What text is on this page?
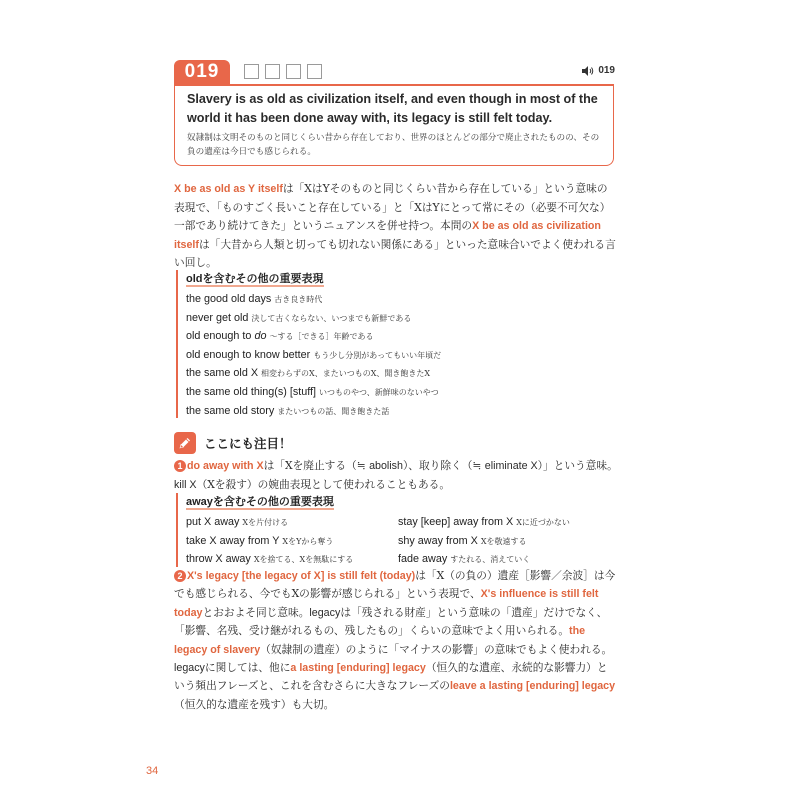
019	019

Slavery is as old as civilization itself, and even though in most of the world it has been done away with, its legacy is still felt today.

奴隷制は文明そのものと同じくらい昔から存在しており、世界のほとんどの部分で廃止されたものの、その負の遺産は今日でも感じられる。

X be as old as Y itselfは「XはYそのものと同じくらい昔から存在している」という意味の表現で、「ものすごく長いこと存在している」と「XはYにとって常にその（必要不可欠な）一部であり続けてきた」というニュアンスを併せ持つ。本問のX be as old as civilization itselfは「大昔から人類と切っても切れない関係にある」といった意味合いでよく使われる言い回し。

oldを含むその他の重要表現
the good old days 古き良き時代
never get old 決して古くならない、いつまでも新鮮である
old enough to do 〜する［できる］年齢である
old enough to know better もう少し分別があってもいい年頃だ
the same old X 相変わらずのX、またいつものX、聞き飽きたX
the same old thing(s) [stuff] いつものやつ、新鮮味のないやつ
the same old story またいつもの話、聞き飽きた話
ここにも注目！

1 do away with Xは「Xを廃止する（≒ abolish）、取り除く（≒ eliminate X）」という意味。kill X（Xを殺す）の婉曲表現として使われることもある。

awayを含むその他の重要表現
put X away Xを片付ける	stay [keep] away from X Xに近づかない
take X away from Y XをYから奪う	shy away from X Xを敬遠する
throw X away Xを捨てる、Xを無駄にする	fade away すたれる、消えていく

2 X's legacy [the legacy of X] is still felt (today)は「X（の負の）遺産［影響／余波］は今でも感じられる、今でもXの影響が感じられる」という表現で、X's influence is still felt todayとおおよそ同じ意味。legacyは「残される財産」という意味の「遺産」だけでなく、「影響、名残、受け継がれるもの、残したもの」くらいの意味でよく用いられる。the legacy of slavery（奴隷制の遺産）のように「マイナスの影響」の意味でもよく使われる。legacyに関しては、他にa lasting [enduring] legacy（恒久的な遺産、永続的な影響力）という頻出フレーズと、これを含むさらに大きなフレーズのleave a lasting [enduring] legacy（恒久的な遺産を残す）も大切。

34
